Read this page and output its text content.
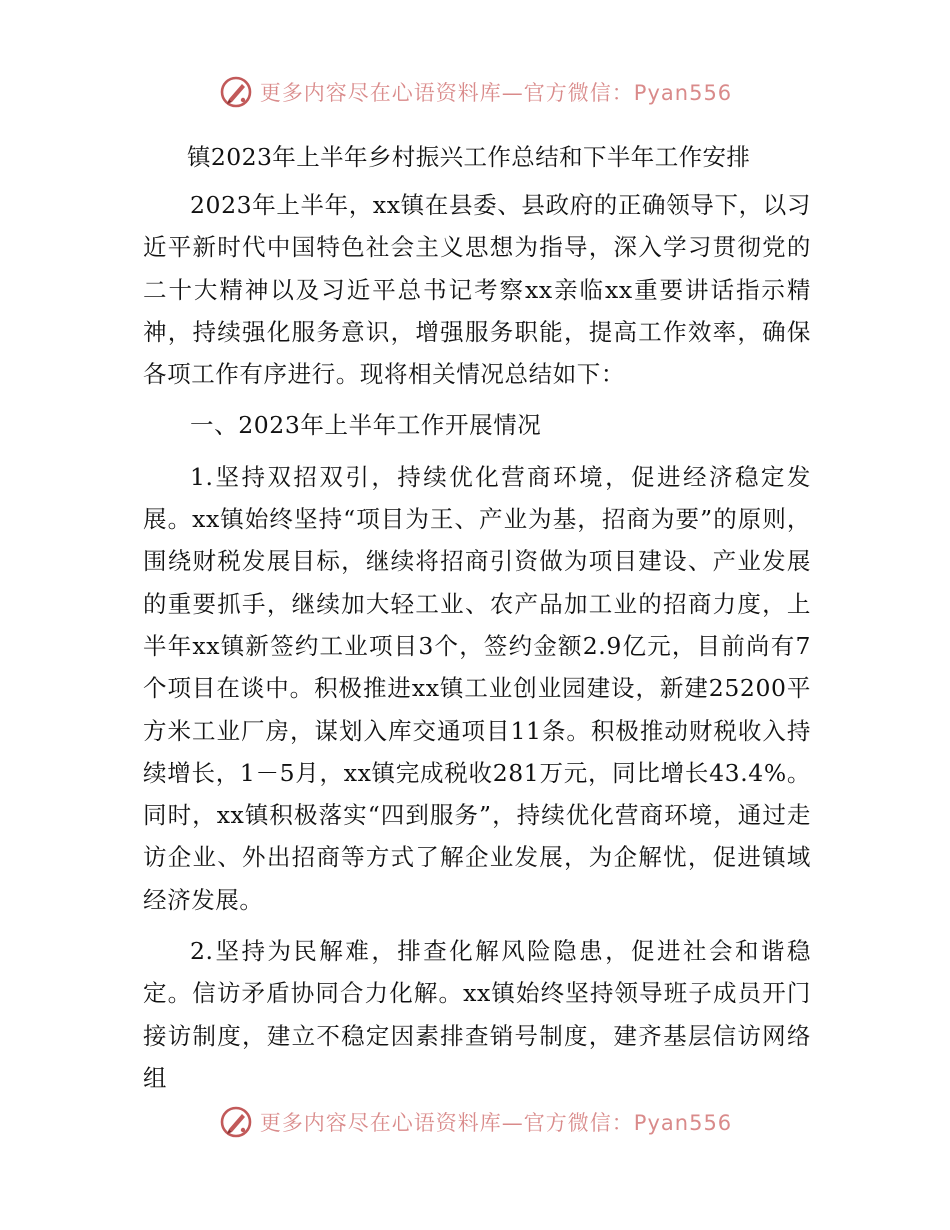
更多内容尽在心语资料库—官方微信：Pyan556

镇2023年上半年乡村振兴工作总结和下半年工作安排

2023年上半年，xx镇在县委、县政府的正确领导下，以习近平新时代中国特色社会主义思想为指导，深入学习贯彻党的二十大精神以及习近平总书记考察xx亲临xx重要讲话指示精神，持续强化服务意识，增强服务职能，提高工作效率，确保各项工作有序进行。现将相关情况总结如下：

一、2023年上半年工作开展情况

1.坚持双招双引，持续优化营商环境，促进经济稳定发展。xx镇始终坚持“项目为王、产业为基，招商为要”的原则，围绕财税发展目标，继续将招商引资做为项目建设、产业发展的重要抓手，继续加大轻工业、农产品加工业的招商力度，上半年xx镇新签约工业项目3个，签约金额2.9亿元，目前尚有7个项目在谈中。积极推进xx镇工业创业园建设，新建25200平方米工业厂房，谋划入库交通项目11条。积极推动财税收入持续增长，1－5月，xx镇完成税收281万元，同比增长43.4%。同时，xx镇积极落实“四到服务”，持续优化营商环境，通过走访企业、外出招商等方式了解企业发展，为企解忧，促进镇域经济发展。

2.坚持为民解难，排查化解风险隐患，促进社会和谐稳定。信访矛盾协同合力化解。xx镇始终坚持领导班子成员开门接访制度，建立不稳定因素排查销号制度，建齐基层信访网络组

更多内容尽在心语资料库—官方微信：Pyan556
